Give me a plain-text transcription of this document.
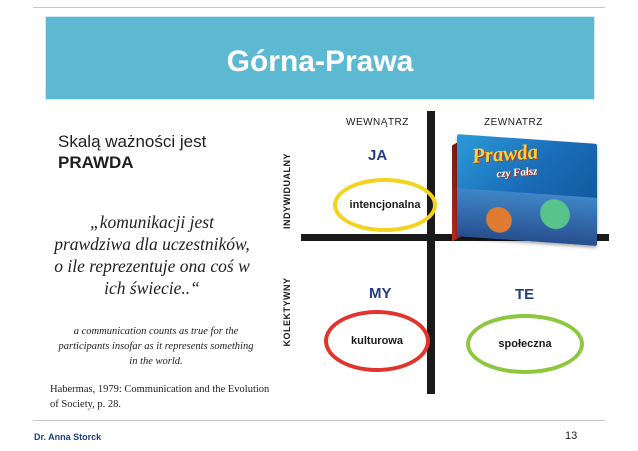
Górna-Prawa
Skalą ważności jest
PRAWDA
„komunikacji jest
prawdziwa dla uczestników,
o ile reprezentuje ona coś w
ich świecie..“
a communication counts as true for the
participants insofar as it represents something
in the world.
Habermas, 1979: Communication and the Evolution
of Society, p. 28.
WEWNĄTRZ	ZEWNATRZ
INDYWIDUALNY
KOLEKTYWNY
JA
intencjonalna
MY
kulturowa
TE
społeczna
Prawda
czy Fałsz
Dr. Anna Storck	13
